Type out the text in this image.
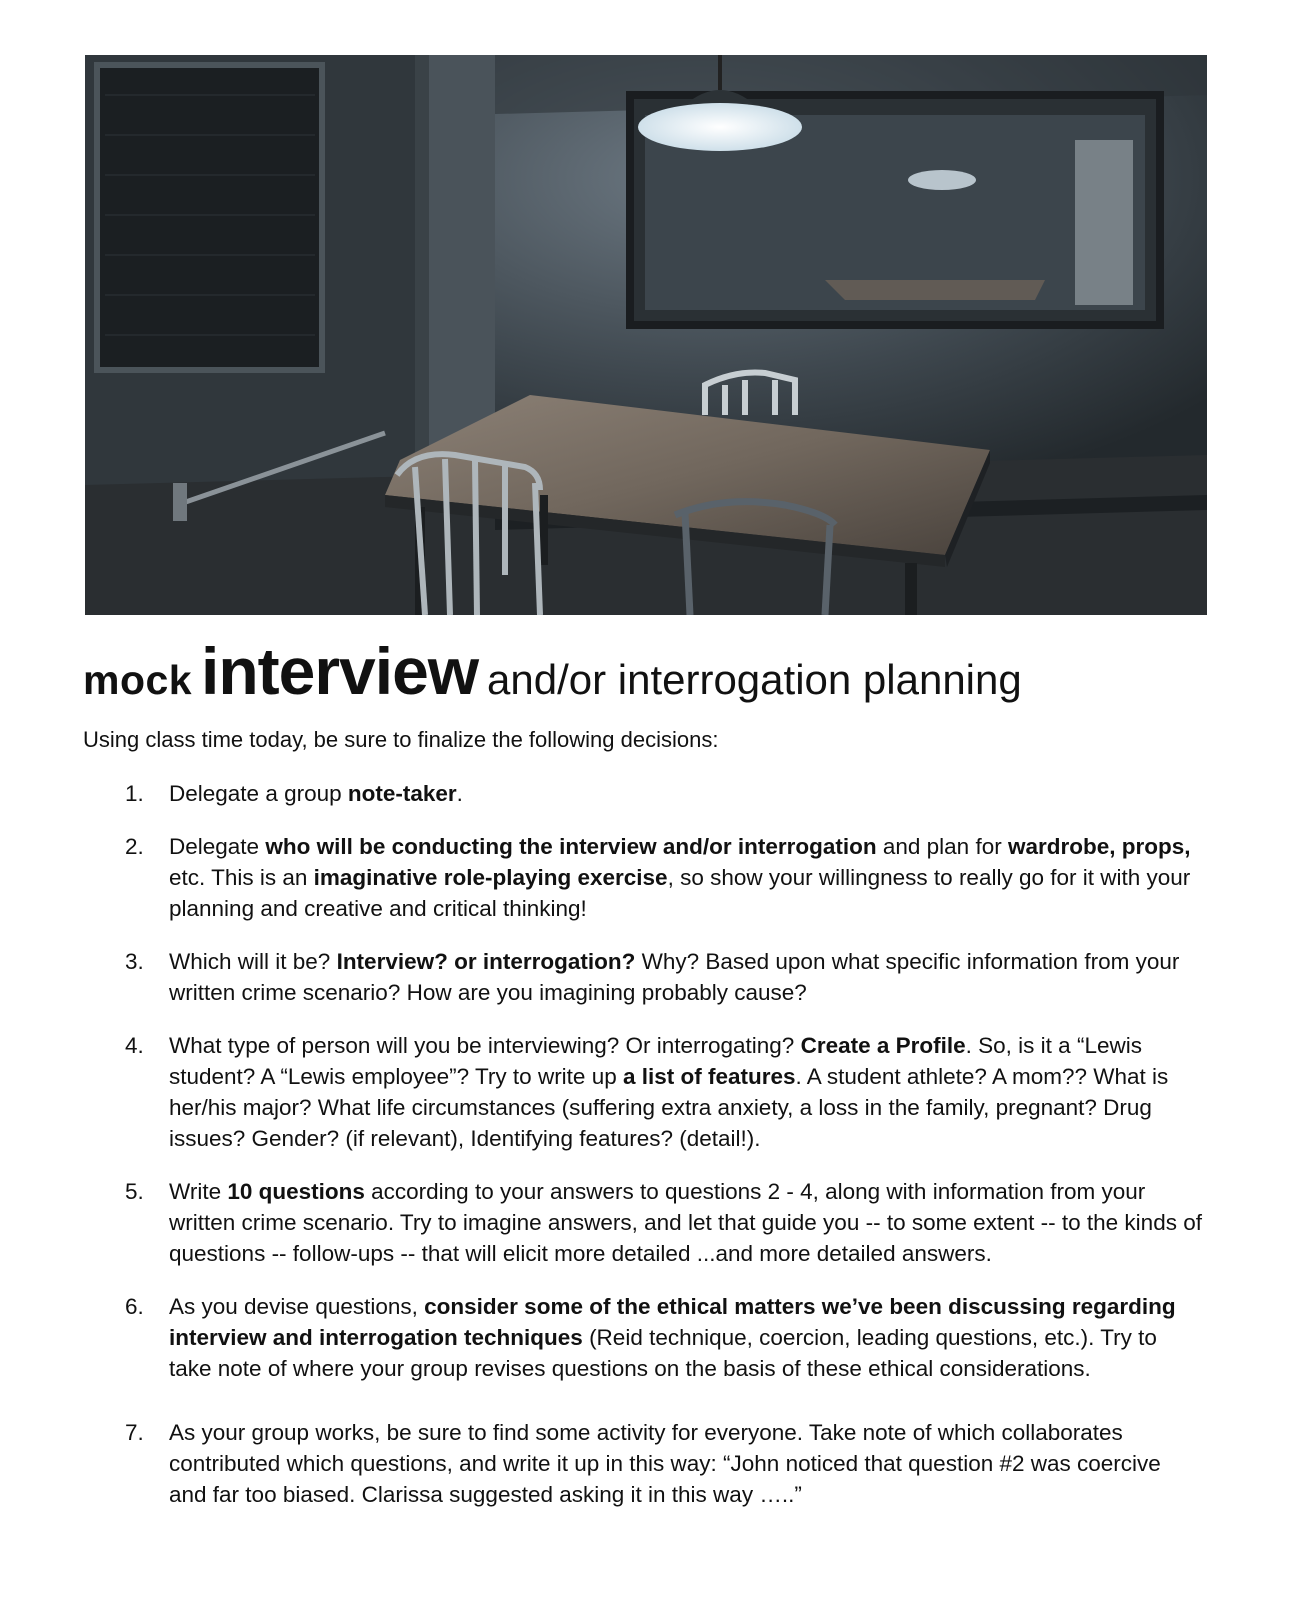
mock interview and/or interrogation planning

Using class time today, be sure to finalize the following decisions:

1. Delegate a group note-taker.
2. Delegate who will be conducting the interview and/or interrogation and plan for wardrobe, props, etc. This is an imaginative role-playing exercise, so show your willingness to really go for it with your planning and creative and critical thinking!
3. Which will it be? Interview? or interrogation? Why? Based upon what specific information from your written crime scenario? How are you imagining probably cause?
4. What type of person will you be interviewing? Or interrogating? Create a Profile. So, is it a “Lewis student? A “Lewis employee”? Try to write up a list of features. A student athlete? A mom?? What is her/his major? What life circumstances (suffering extra anxiety, a loss in the family, pregnant? Drug issues? Gender? (if relevant), Identifying features? (detail!).
5. Write 10 questions according to your answers to questions 2 - 4, along with information from your written crime scenario. Try to imagine answers, and let that guide you -- to some extent -- to the kinds of questions -- follow-ups -- that will elicit more detailed ...and more detailed answers.
6. As you devise questions, consider some of the ethical matters we’ve been discussing regarding interview and interrogation techniques (Reid technique, coercion, leading questions, etc.). Try to take note of where your group revises questions on the basis of these ethical considerations.
7. As your group works, be sure to find some activity for everyone. Take note of which collaborates contributed which questions, and write it up in this way: “John noticed that question #2 was coercive and far too biased. Clarissa suggested asking it in this way …..”
